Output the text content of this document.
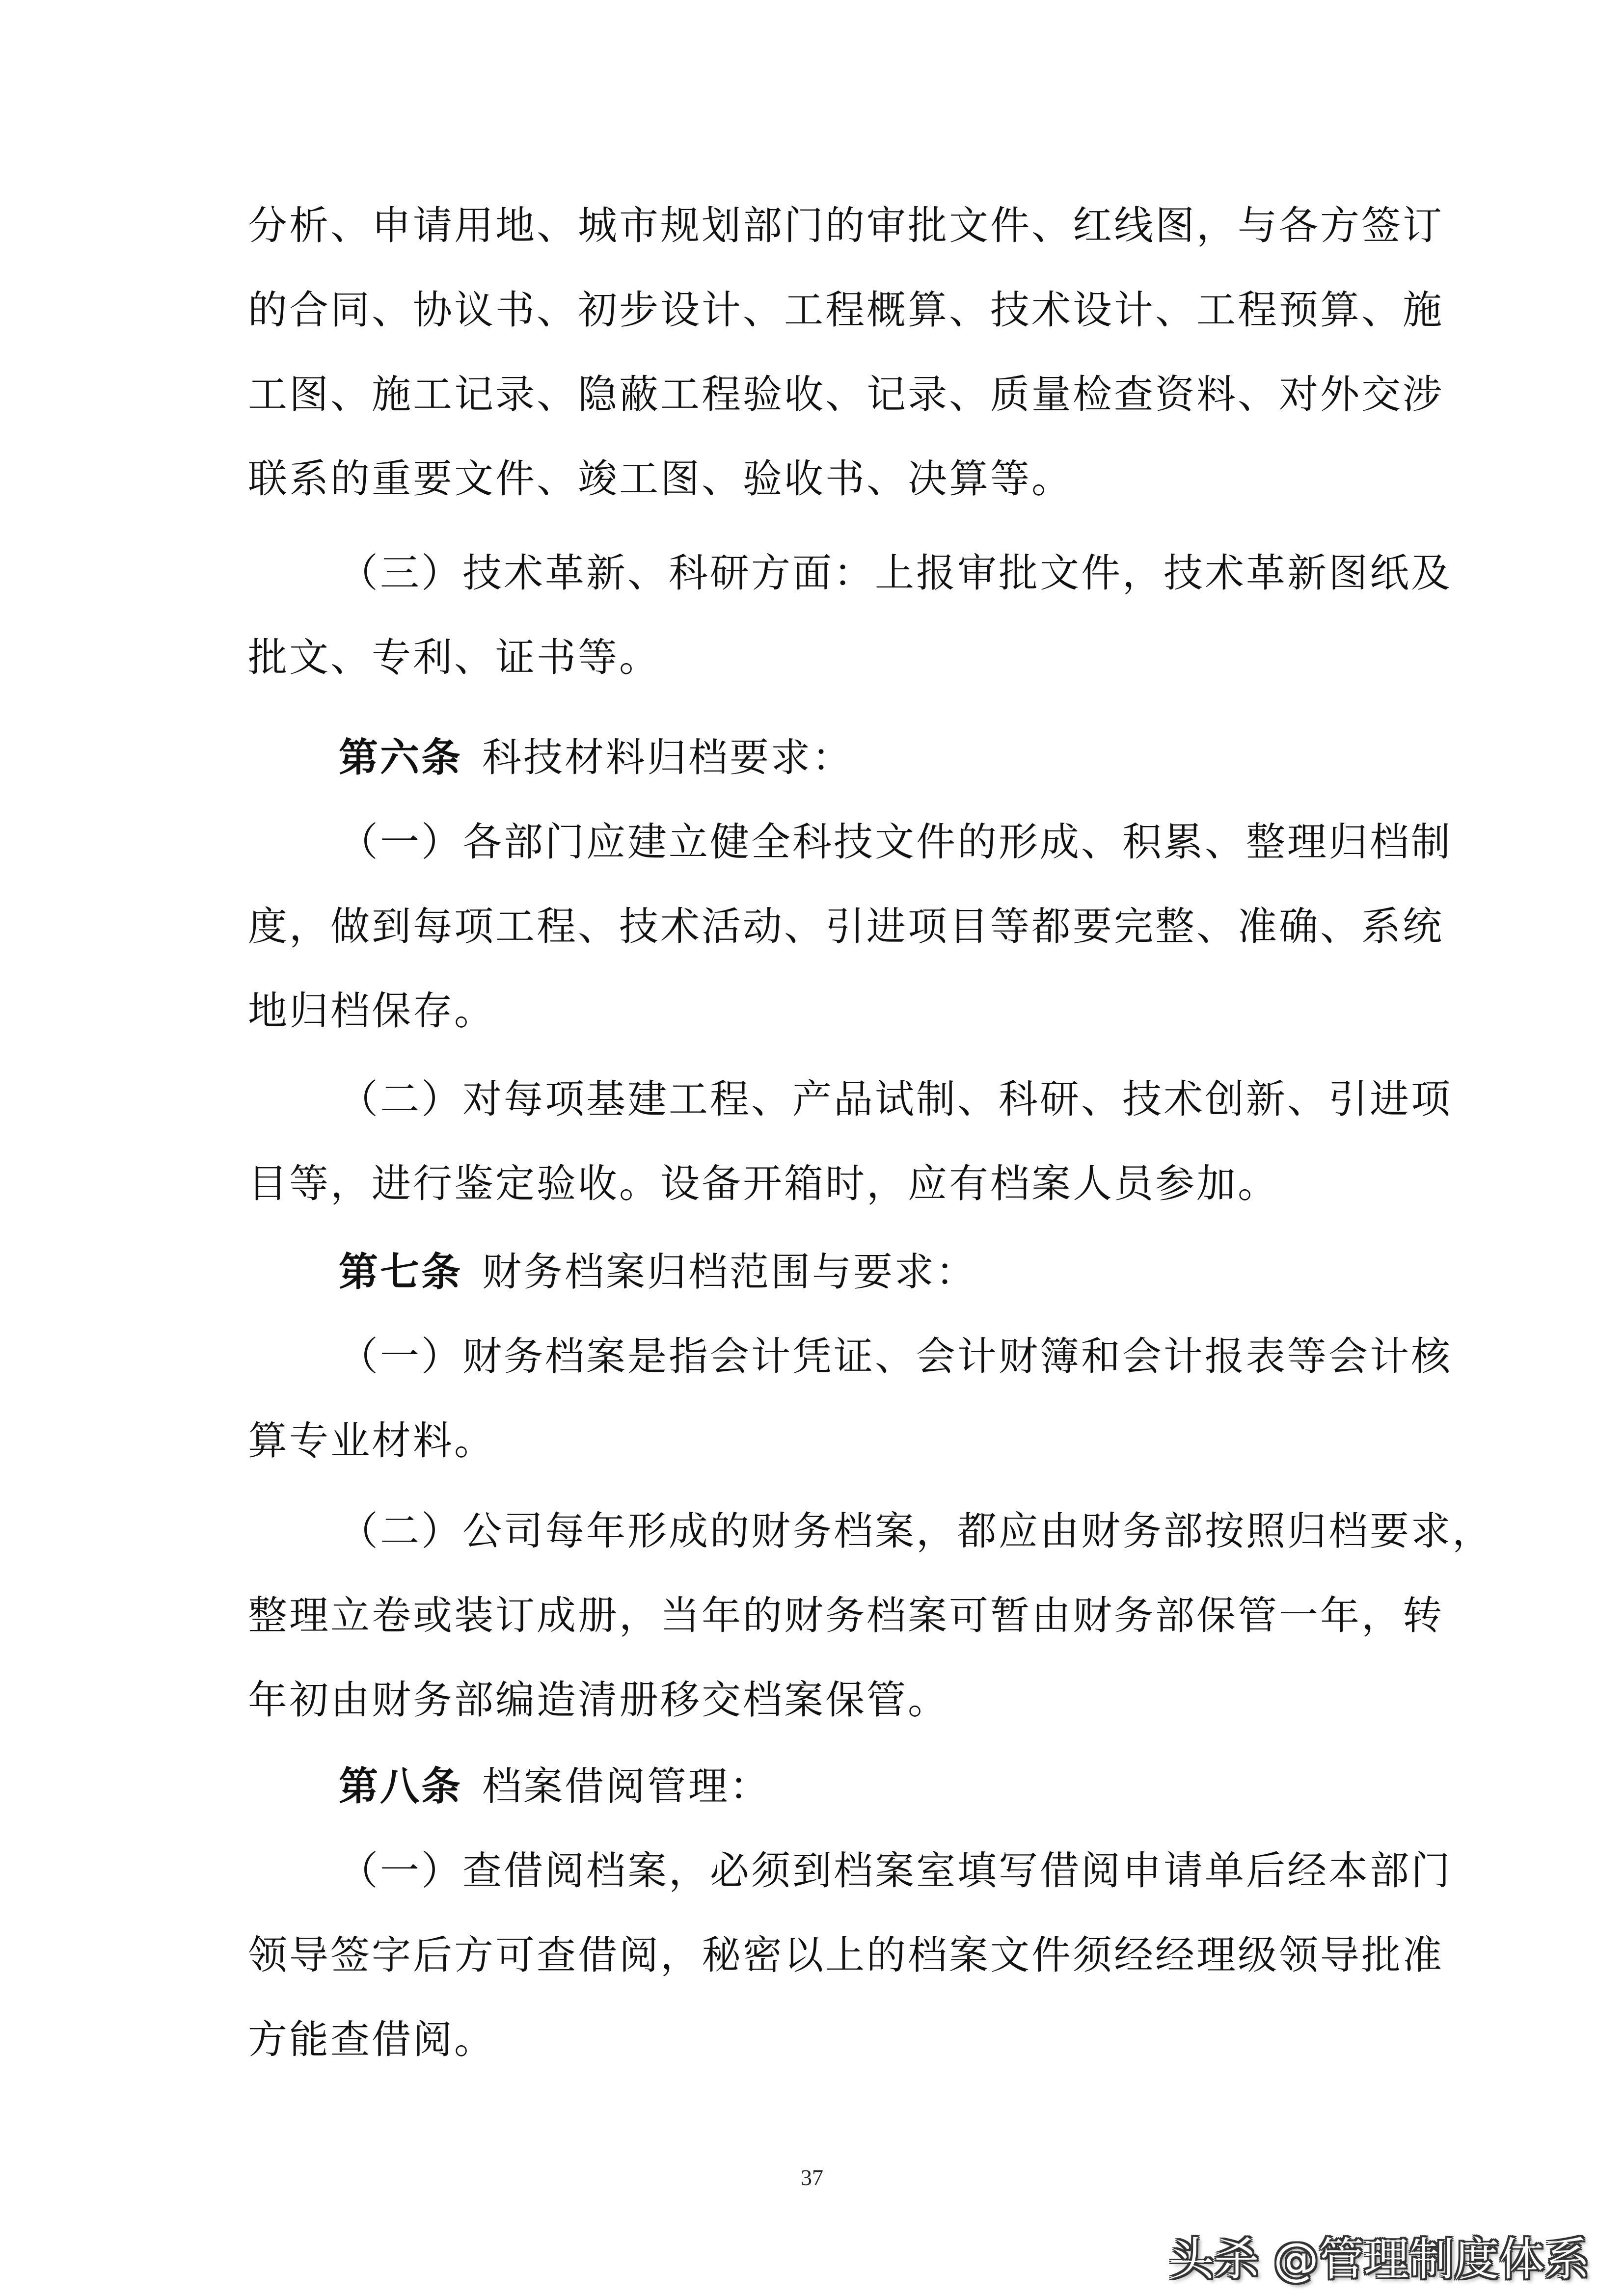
分析、申请用地、城市规划部门的审批文件、红线图，与各方签订
的合同、协议书、初步设计、工程概算、技术设计、工程预算、施
工图、施工记录、隐蔽工程验收、记录、质量检查资料、对外交涉
联系的重要文件、竣工图、验收书、决算等。
（三）技术革新、科研方面：上报审批文件，技术革新图纸及
批文、专利、证书等。
第六条 科技材料归档要求：
（一）各部门应建立健全科技文件的形成、积累、整理归档制
度，做到每项工程、技术活动、引进项目等都要完整、准确、系统
地归档保存。
（二）对每项基建工程、产品试制、科研、技术创新、引进项
目等，进行鉴定验收。设备开箱时，应有档案人员参加。
第七条 财务档案归档范围与要求：
（一）财务档案是指会计凭证、会计财簿和会计报表等会计核
算专业材料。
（二）公司每年形成的财务档案，都应由财务部按照归档要求，
整理立卷或装订成册，当年的财务档案可暂由财务部保管一年，转
年初由财务部编造清册移交档案保管。
第八条 档案借阅管理：
（一）查借阅档案，必须到档案室填写借阅申请单后经本部门
领导签字后方可查借阅，秘密以上的档案文件须经经理级领导批准
方能查借阅。
37
头杀 @管理制度体系
